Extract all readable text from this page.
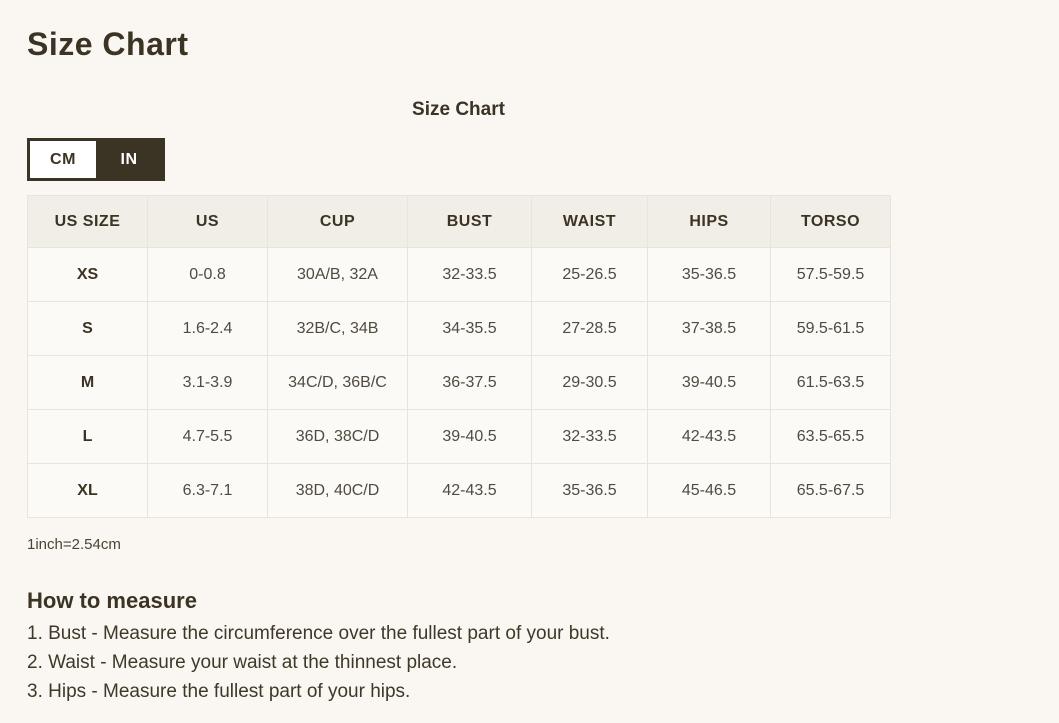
Size Chart
Size Chart
CM	IN
US SIZE	US	CUP	BUST	WAIST	HIPS	TORSO
XS	0-0.8	30A/B, 32A	32-33.5	25-26.5	35-36.5	57.5-59.5
S	1.6-2.4	32B/C, 34B	34-35.5	27-28.5	37-38.5	59.5-61.5
M	3.1-3.9	34C/D, 36B/C	36-37.5	29-30.5	39-40.5	61.5-63.5
L	4.7-5.5	36D, 38C/D	39-40.5	32-33.5	42-43.5	63.5-65.5
XL	6.3-7.1	38D, 40C/D	42-43.5	35-36.5	45-46.5	65.5-67.5
1inch=2.54cm
How to measure
1. Bust - Measure the circumference over the fullest part of your bust.
2. Waist - Measure your waist at the thinnest place.
3. Hips - Measure the fullest part of your hips.
